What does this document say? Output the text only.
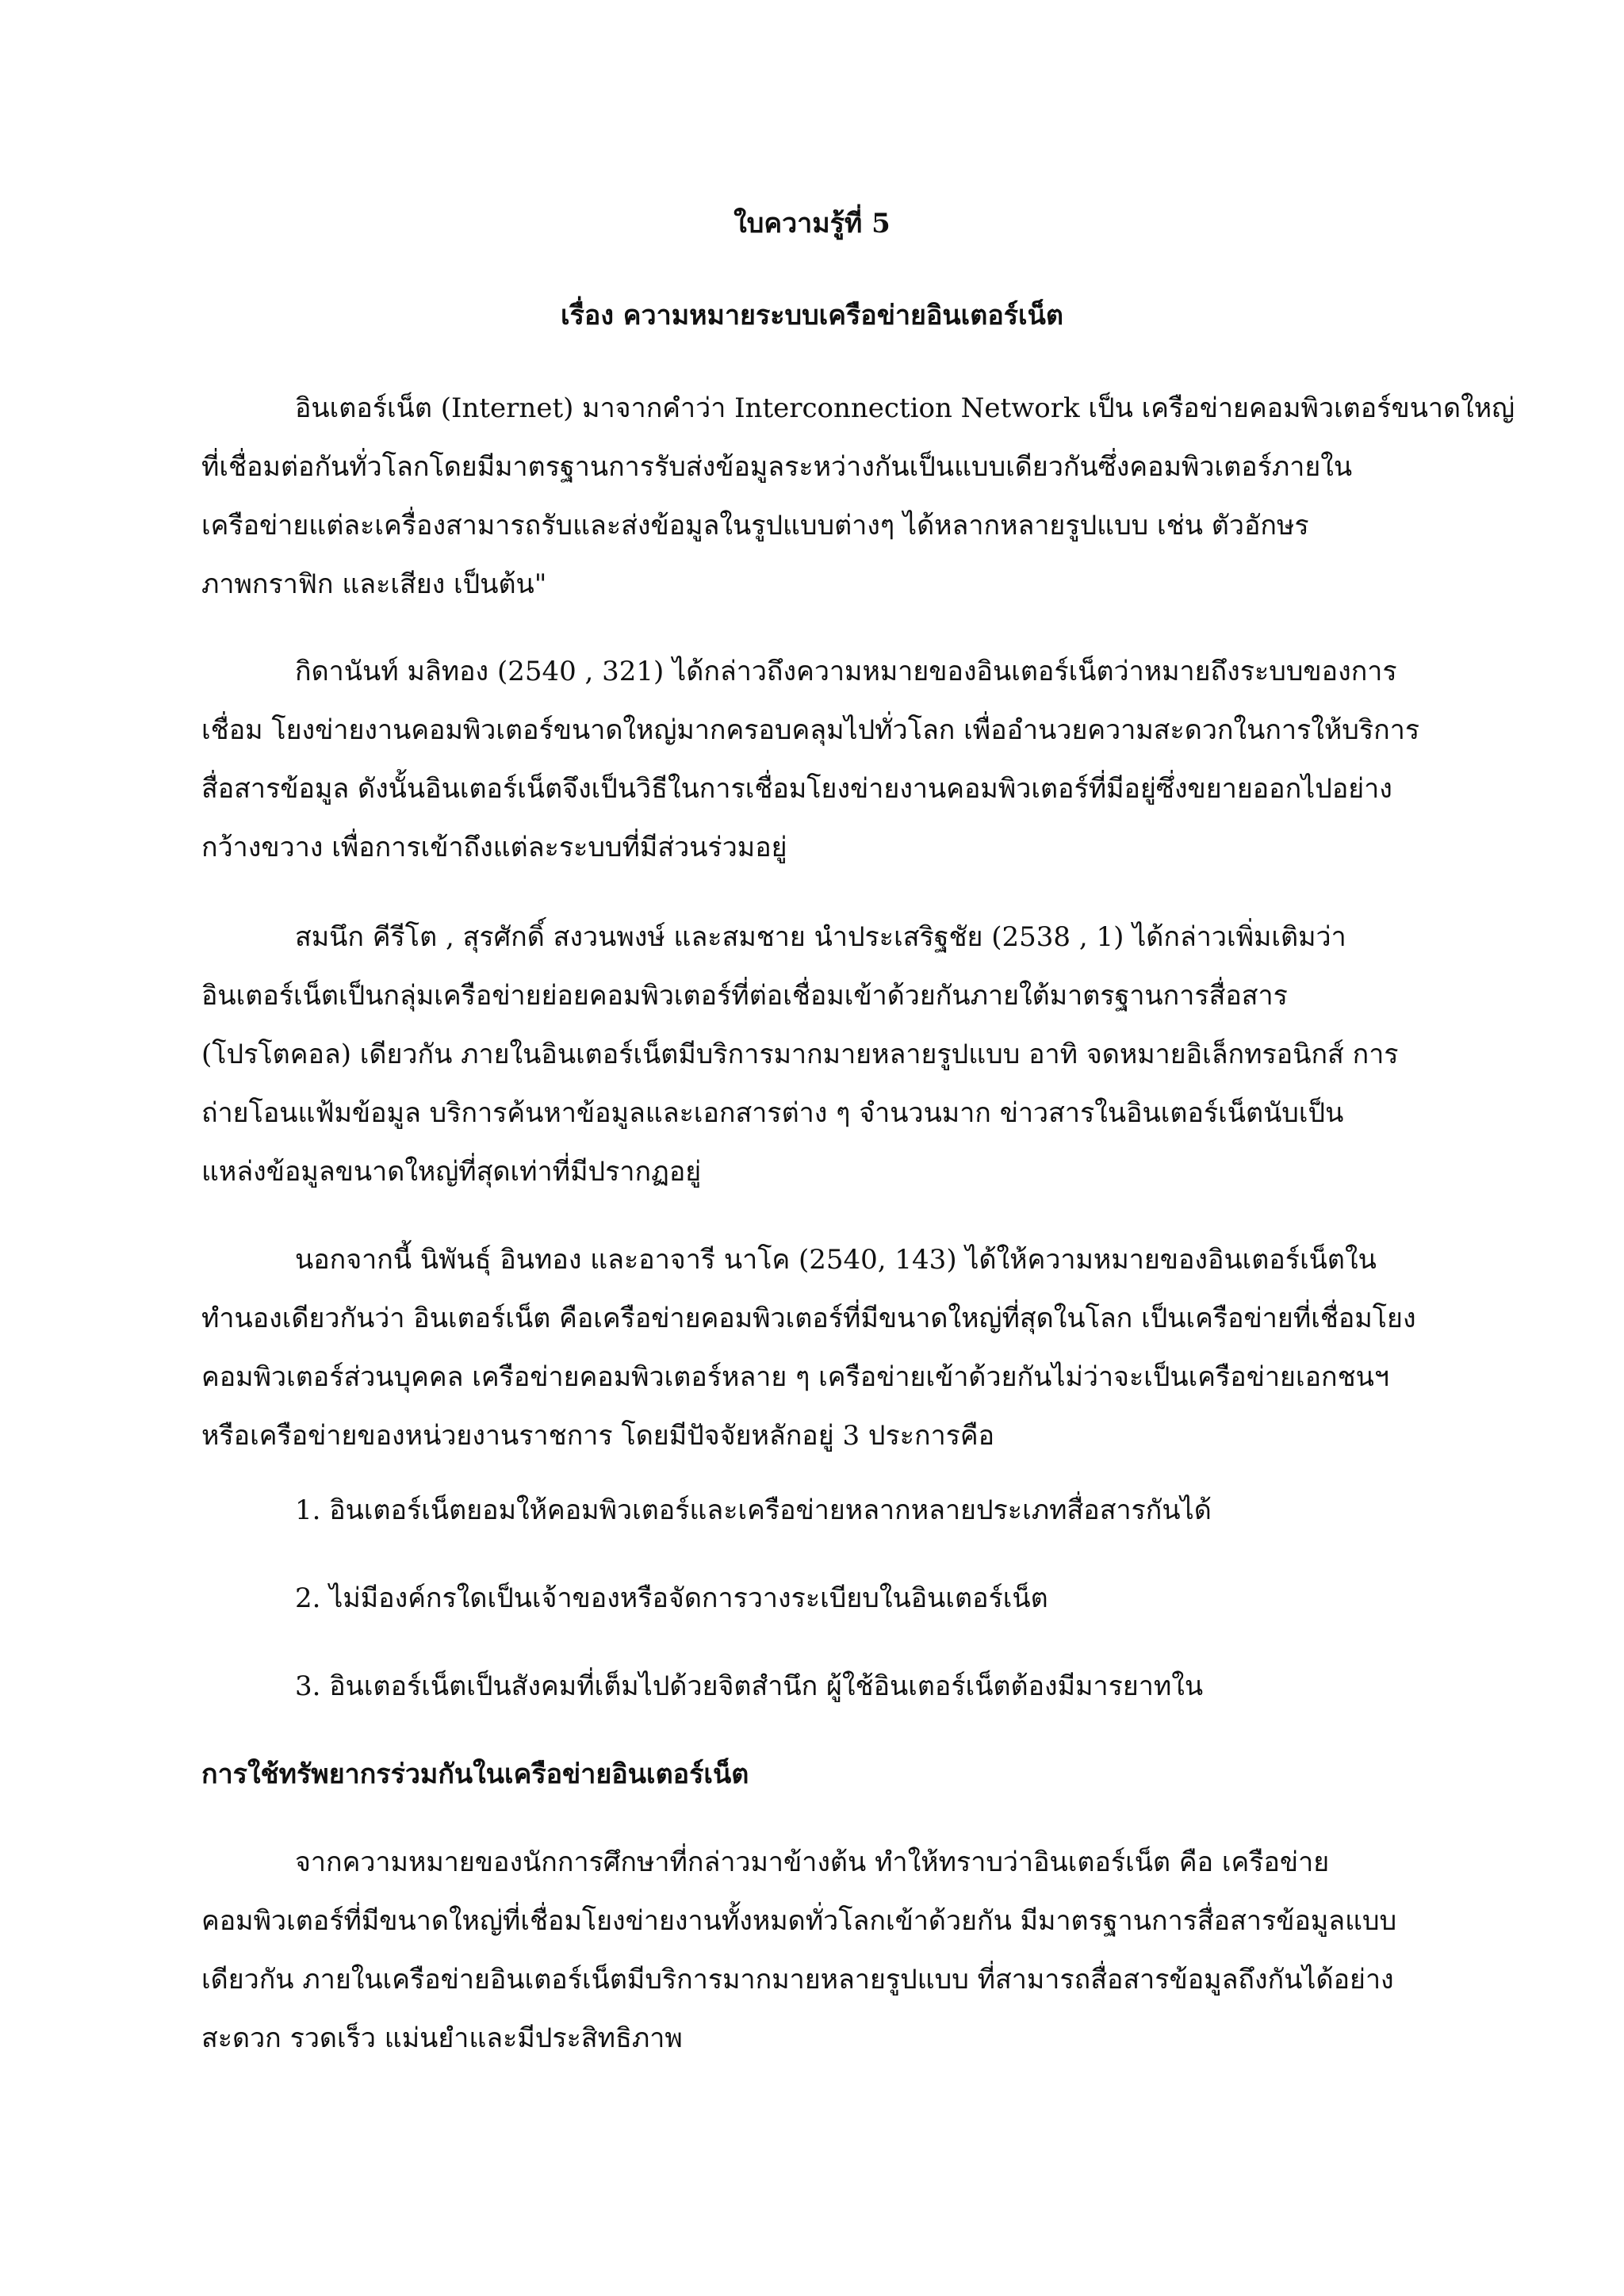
ใบความรู้ที่ 5
เรื่อง ความหมายระบบเครือข่ายอินเตอร์เน็ต
อินเตอร์เน็ต (Internet) มาจากคำว่า Interconnection Network เป็น เครือข่ายคอมพิวเตอร์ขนาดใหญ่
ที่เชื่อมต่อกันทั่วโลกโดยมีมาตรฐานการรับส่งข้อมูลระหว่างกันเป็นแบบเดียวกันซึ่งคอมพิวเตอร์ภายใน
เครือข่ายแต่ละเครื่องสามารถรับและส่งข้อมูลในรูปแบบต่างๆ ได้หลากหลายรูปแบบ เช่น ตัวอักษร
ภาพกราฟิก และเสียง เป็นต้น"
กิดานันท์ มลิทอง (2540 , 321) ได้กล่าวถึงความหมายของอินเตอร์เน็ตว่าหมายถึงระบบของการ
เชื่อม โยงข่ายงานคอมพิวเตอร์ขนาดใหญ่มากครอบคลุมไปทั่วโลก เพื่ออำนวยความสะดวกในการให้บริการ
สื่อสารข้อมูล ดังนั้นอินเตอร์เน็ตจึงเป็นวิธีในการเชื่อมโยงข่ายงานคอมพิวเตอร์ที่มีอยู่ซึ่งขยายออกไปอย่าง
กว้างขวาง เพื่อการเข้าถึงแต่ละระบบที่มีส่วนร่วมอยู่
สมนึก คีรีโต , สุรศักดิ์ สงวนพงษ์ และสมชาย นำประเสริฐชัย (2538 , 1) ได้กล่าวเพิ่มเติมว่า
อินเตอร์เน็ตเป็นกลุ่มเครือข่ายย่อยคอมพิวเตอร์ที่ต่อเชื่อมเข้าด้วยกันภายใต้มาตรฐานการสื่อสาร
(โปรโตคอล) เดียวกัน ภายในอินเตอร์เน็ตมีบริการมากมายหลายรูปแบบ อาทิ จดหมายอิเล็กทรอนิกส์ การ
ถ่ายโอนแฟ้มข้อมูล บริการค้นหาข้อมูลและเอกสารต่าง ๆ จำนวนมาก ข่าวสารในอินเตอร์เน็ตนับเป็น
แหล่งข้อมูลขนาดใหญ่ที่สุดเท่าที่มีปรากฏอยู่
นอกจากนี้ นิพันธุ์ อินทอง และอาจารี นาโค (2540, 143) ได้ให้ความหมายของอินเตอร์เน็ตใน
ทำนองเดียวกันว่า อินเตอร์เน็ต คือเครือข่ายคอมพิวเตอร์ที่มีขนาดใหญ่ที่สุดในโลก เป็นเครือข่ายที่เชื่อมโยง
คอมพิวเตอร์ส่วนบุคคล เครือข่ายคอมพิวเตอร์หลาย ๆ เครือข่ายเข้าด้วยกันไม่ว่าจะเป็นเครือข่ายเอกชนฯ
หรือเครือข่ายของหน่วยงานราชการ โดยมีปัจจัยหลักอยู่ 3 ประการคือ
1. อินเตอร์เน็ตยอมให้คอมพิวเตอร์และเครือข่ายหลากหลายประเภทสื่อสารกันได้
2. ไม่มีองค์กรใดเป็นเจ้าของหรือจัดการวางระเบียบในอินเตอร์เน็ต
3. อินเตอร์เน็ตเป็นสังคมที่เต็มไปด้วยจิตสำนึก ผู้ใช้อินเตอร์เน็ตต้องมีมารยาทใน
การใช้ทรัพยากรร่วมกันในเครือข่ายอินเตอร์เน็ต
จากความหมายของนักการศึกษาที่กล่าวมาข้างต้น ทำให้ทราบว่าอินเตอร์เน็ต คือ เครือข่าย
คอมพิวเตอร์ที่มีขนาดใหญ่ที่เชื่อมโยงข่ายงานทั้งหมดทั่วโลกเข้าด้วยกัน มีมาตรฐานการสื่อสารข้อมูลแบบ
เดียวกัน ภายในเครือข่ายอินเตอร์เน็ตมีบริการมากมายหลายรูปแบบ ที่สามารถสื่อสารข้อมูลถึงกันได้อย่าง
สะดวก รวดเร็ว แม่นยำและมีประสิทธิภาพ
